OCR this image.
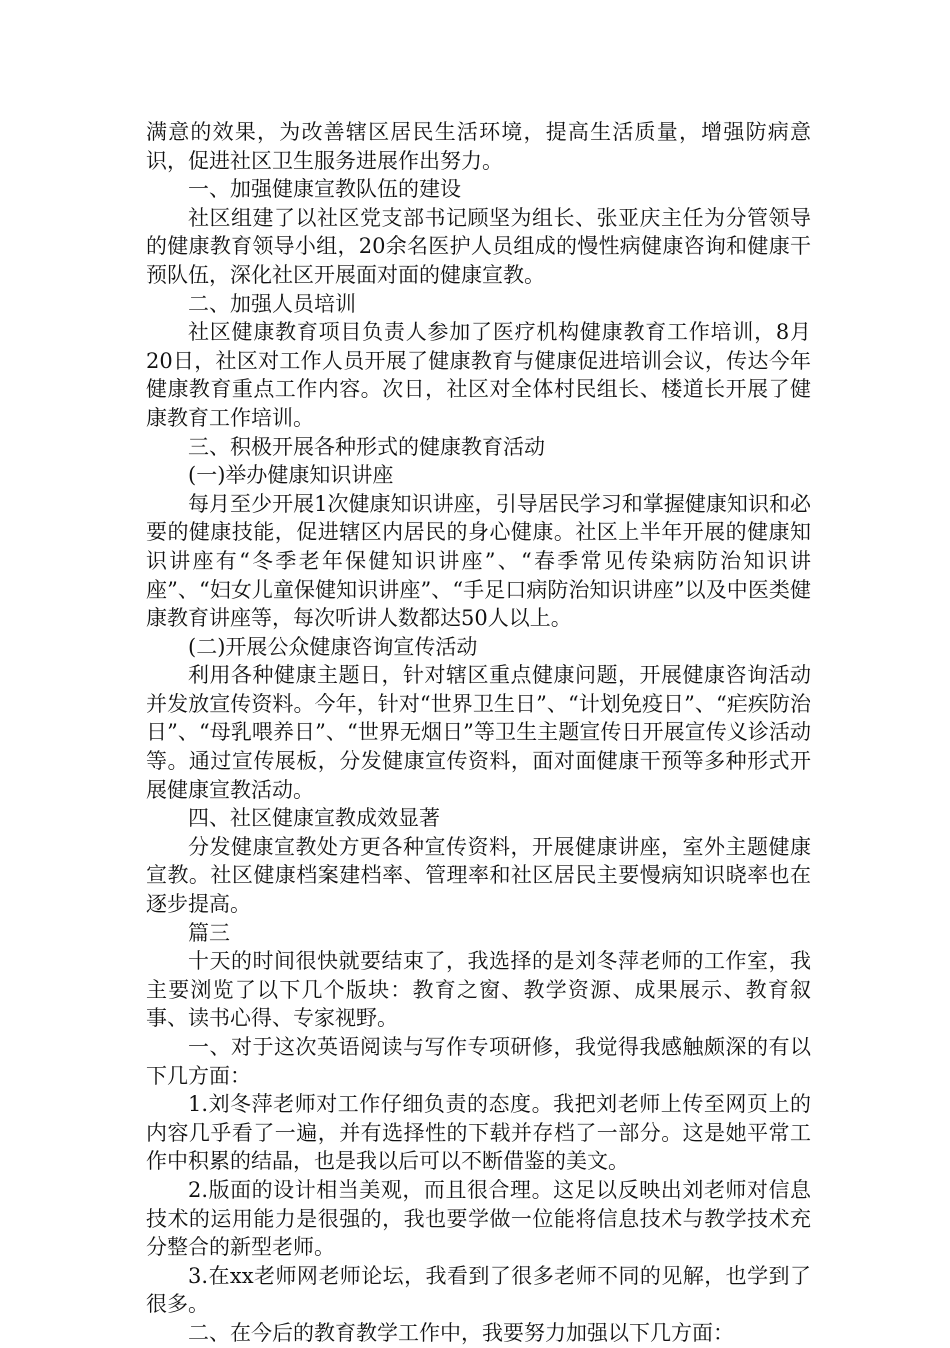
满意的效果，为改善辖区居民生活环境，提高生活质量，增强防病意识，促进社区卫生服务进展作出努力。

一、加强健康宣教队伍的建设

社区组建了以社区党支部书记顾坚为组长、张亚庆主任为分管领导的健康教育领导小组，20余名医护人员组成的慢性病健康咨询和健康干预队伍，深化社区开展面对面的健康宣教。

二、加强人员培训

社区健康教育项目负责人参加了医疗机构健康教育工作培训，8月20日，社区对工作人员开展了健康教育与健康促进培训会议，传达今年健康教育重点工作内容。次日，社区对全体村民组长、楼道长开展了健康教育工作培训。

三、积极开展各种形式的健康教育活动

(一)举办健康知识讲座

每月至少开展1次健康知识讲座，引导居民学习和掌握健康知识和必要的健康技能，促进辖区内居民的身心健康。社区上半年开展的健康知识讲座有“冬季老年保健知识讲座”、“春季常见传染病防治知识讲座”、“妇女儿童保健知识讲座”、“手足口病防治知识讲座”以及中医类健康教育讲座等，每次听讲人数都达50人以上。

(二)开展公众健康咨询宣传活动

利用各种健康主题日，针对辖区重点健康问题，开展健康咨询活动并发放宣传资料。今年，针对“世界卫生日”、“计划免疫日”、“疟疾防治日”、“母乳喂养日”、“世界无烟日”等卫生主题宣传日开展宣传义诊活动等。通过宣传展板，分发健康宣传资料，面对面健康干预等多种形式开展健康宣教活动。

四、社区健康宣教成效显著

分发健康宣教处方更各种宣传资料，开展健康讲座，室外主题健康宣教。社区健康档案建档率、管理率和社区居民主要慢病知识晓率也在逐步提高。

篇三

十天的时间很快就要结束了，我选择的是刘冬萍老师的工作室，我主要浏览了以下几个版块：教育之窗、教学资源、成果展示、教育叙事、读书心得、专家视野。

一、对于这次英语阅读与写作专项研修，我觉得我感触颇深的有以下几方面：

1.刘冬萍老师对工作仔细负责的态度。我把刘老师上传至网页上的内容几乎看了一遍，并有选择性的下载并存档了一部分。这是她平常工作中积累的结晶，也是我以后可以不断借鉴的美文。

2.版面的设计相当美观，而且很合理。这足以反映出刘老师对信息技术的运用能力是很强的，我也要学做一位能将信息技术与教学技术充分整合的新型老师。

3.在xx老师网老师论坛，我看到了很多老师不同的见解，也学到了很多。

二、在今后的教育教学工作中，我要努力加强以下几方面：
